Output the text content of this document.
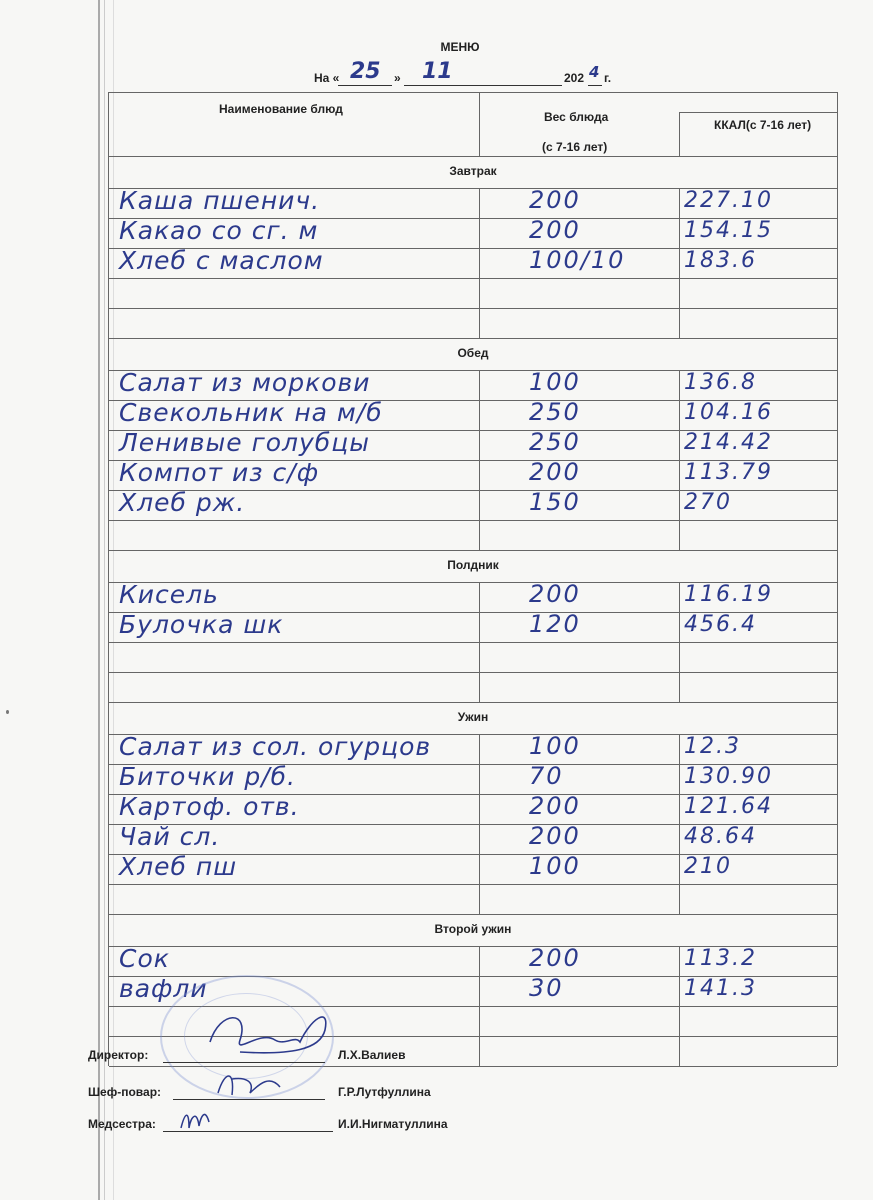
МЕНЮ
На « 25 » 11	202 4 г.
Наименование блюд
Вес блюда
(с 7-16 лет)
ККАЛ(с 7-16 лет)
Завтрак
Каша пшенич.	200	227.10
Какао со сг. м	200	154.15
Хлеб с маслом	100/10	183.6
Обед
Салат из моркови	100	136.8
Свекольник на м/б	250	104.16
Ленивые голубцы	250	214.42
Компот из с/ф	200	113.79
Хлеб рж.	150	270
Полдник
Кисель	200	116.19
Булочка шк	120	456.4
Ужин
Салат из сол. огурцов	100	12.3
Биточки р/б.	70	130.90
Картоф. отв.	200	121.64
Чай сл.	200	48.64
Хлеб пш	100	210
Второй ужин
Сок	200	113.2
вафли	30	141.3
Директор:	Л.Х.Валиев
Шеф-повар:	Г.Р.Лутфуллина
Медсестра:	И.И.Нигматуллина
